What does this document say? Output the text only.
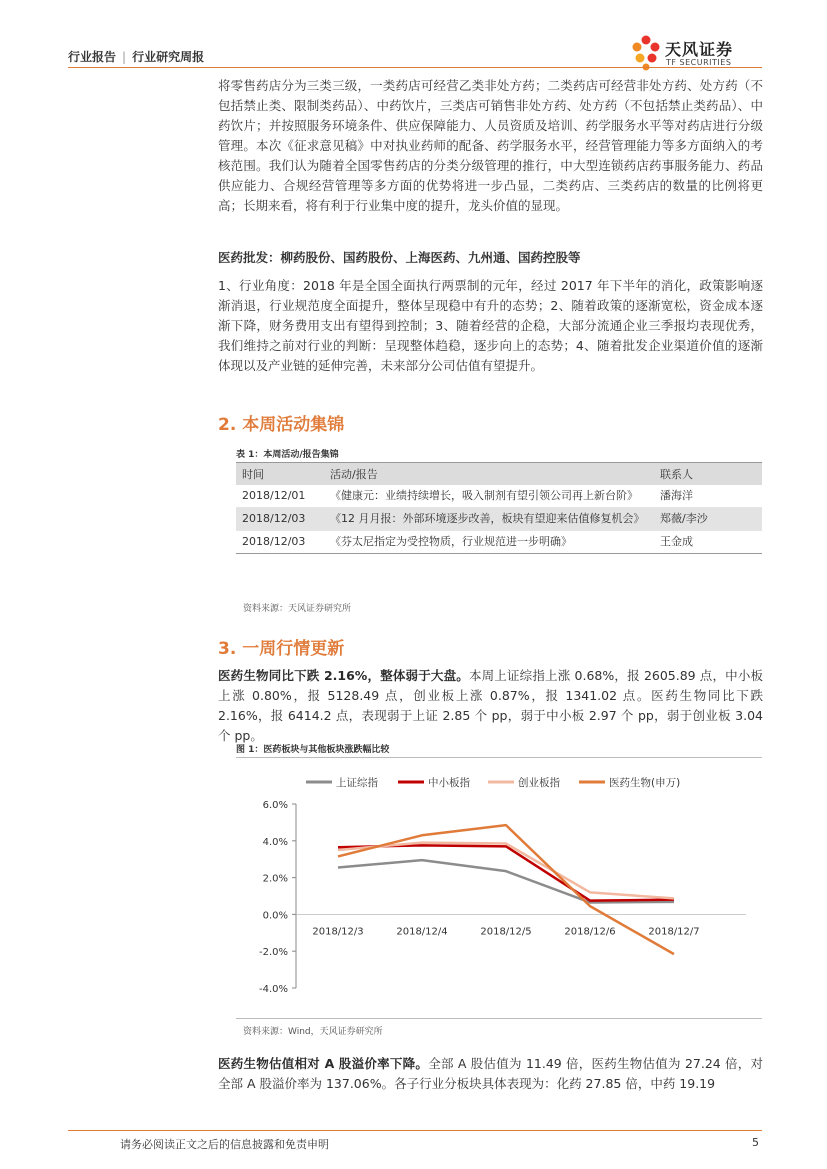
行业报告 | 行业研究周报	天风证券
TF SECURITIES
将零售药店分为三类三级，一类药店可经营乙类非处方药；二类药店可经营非处方药、处方药（不包括禁止类、限制类药品）、中药饮片，三类店可销售非处方药、处方药（不包括禁止类药品）、中药饮片；并按照服务环境条件、供应保障能力、人员资质及培训、药学服务水平等对药店进行分级管理。本次《征求意见稿》中对执业药师的配备、药学服务水平，经营管理能力等多方面纳入的考核范围。我们认为随着全国零售药店的分类分级管理的推行，中大型连锁药店药事服务能力、药品供应能力、合规经营管理等多方面的优势将进一步凸显，二类药店、三类药店的数量的比例将更高；长期来看，将有利于行业集中度的提升，龙头价值的显现。
医药批发：柳药股份、国药股份、上海医药、九州通、国药控股等
1、行业角度：2018 年是全国全面执行两票制的元年，经过 2017 年下半年的消化，政策影响逐渐消退，行业规范度全面提升，整体呈现稳中有升的态势；2、随着政策的逐渐宽松，资金成本逐渐下降，财务费用支出有望得到控制；3、随着经营的企稳，大部分流通企业三季报均表现优秀，我们维持之前对行业的判断：呈现整体趋稳，逐步向上的态势；4、随着批发企业渠道价值的逐渐体现以及产业链的延伸完善，未来部分公司估值有望提升。
2. 本周活动集锦
表 1：本周活动/报告集锦
时间	活动/报告	联系人
2018/12/01	《健康元：业绩持续增长，吸入制剂有望引领公司再上新台阶》	潘海洋
2018/12/03	《12 月月报：外部环境逐步改善，板块有望迎来估值修复机会》	郑薇/李沙
2018/12/03	《芬太尼指定为受控物质，行业规范进一步明确》	王金成
资料来源：天风证券研究所
3. 一周行情更新
医药生物同比下跌 2.16%，整体弱于大盘。本周上证综指上涨 0.68%，报 2605.89 点，中小板上涨 0.80%，报 5128.49 点，创业板上涨 0.87%，报 1341.02 点。医药生物同比下跌 2.16%，报 6414.2 点，表现弱于上证 2.85 个 pp，弱于中小板 2.97 个 pp，弱于创业板 3.04 个 pp。
图 1：医药板块与其他板块涨跌幅比较
6.0%
4.0%
2.0%
0.0%
-2.0%
-4.0%
2018/12/3	2018/12/4	2018/12/5	2018/12/6	2018/12/7
上证综指	中小板指	创业板指	医药生物(申万)
资料来源：Wind，天风证券研究所
医药生物估值相对 A 股溢价率下降。全部 A 股估值为 11.49 倍，医药生物估值为 27.24 倍，对全部 A 股溢价率为 137.06%。各子行业分板块具体表现为：化药 27.85 倍，中药 19.19
请务必阅读正文之后的信息披露和免责申明	5
